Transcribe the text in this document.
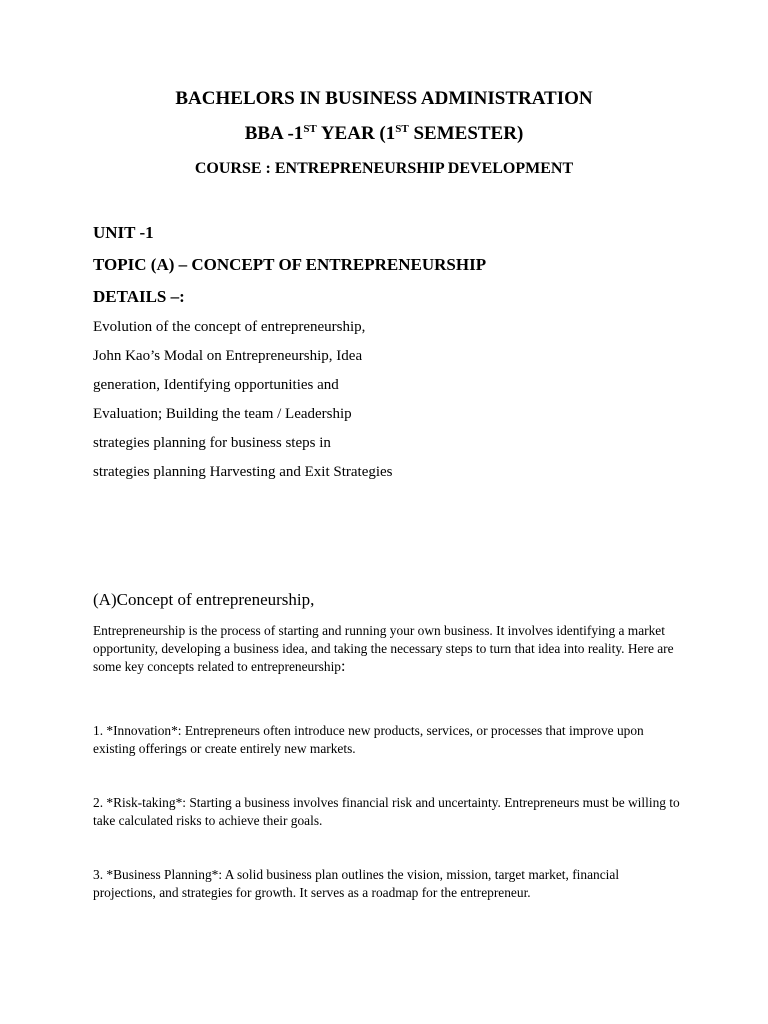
BACHELORS IN BUSINESS ADMINISTRATION
BBA -1ST YEAR (1ST SEMESTER)
COURSE : ENTREPRENEURSHIP DEVELOPMENT
UNIT -1
TOPIC (A) – CONCEPT OF ENTREPRENEURSHIP
DETAILS –:
Evolution of the concept of entrepreneurship,
John Kao’s Modal on Entrepreneurship, Idea
generation, Identifying opportunities and
Evaluation; Building the team / Leadership
strategies planning for business steps in
strategies planning Harvesting and Exit Strategies
(A)Concept of entrepreneurship,
Entrepreneurship is the process of starting and running your own business. It involves identifying a market opportunity, developing a business idea, and taking the necessary steps to turn that idea into reality. Here are some key concepts related to entrepreneurship:
1. *Innovation*: Entrepreneurs often introduce new products, services, or processes that improve upon existing offerings or create entirely new markets.
2. *Risk-taking*: Starting a business involves financial risk and uncertainty. Entrepreneurs must be willing to take calculated risks to achieve their goals.
3. *Business Planning*: A solid business plan outlines the vision, mission, target market, financial projections, and strategies for growth. It serves as a roadmap for the entrepreneur.
